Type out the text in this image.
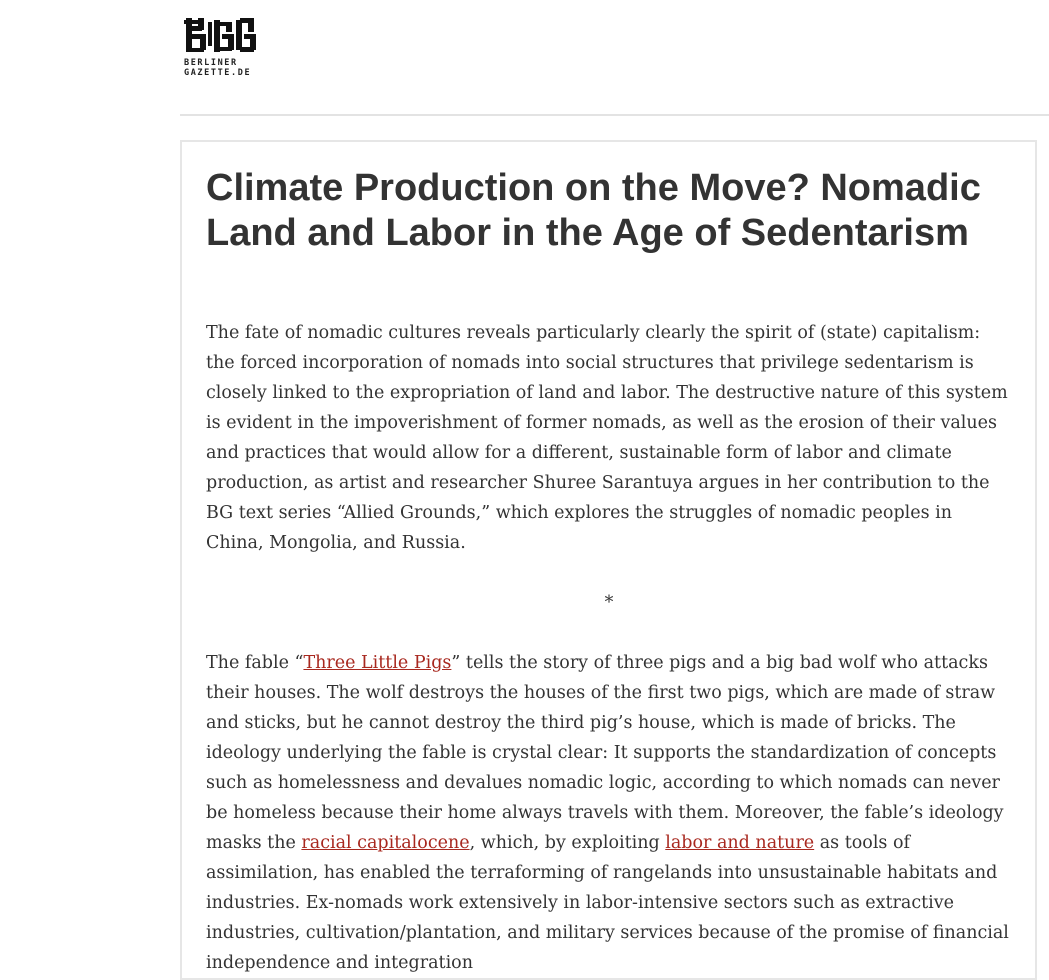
BERLINER
GAZETTE.DE
Climate Production on the Move? Nomadic Land and Labor in the Age of Sedentarism

The fate of nomadic cultures reveals particularly clearly the spirit of (state) capitalism: the forced incorporation of nomads into social structures that privilege sedentarism is closely linked to the expropriation of land and labor. The destructive nature of this system is evident in the impoverishment of former nomads, as well as the erosion of their values and practices that would allow for a different, sustainable form of labor and climate production, as artist and researcher Shuree Sarantuya argues in her contribution to the BG text series “Allied Grounds,” which explores the struggles of nomadic peoples in China, Mongolia, and Russia.

*

The fable “Three Little Pigs” tells the story of three pigs and a big bad wolf who attacks their houses. The wolf destroys the houses of the first two pigs, which are made of straw and sticks, but he cannot destroy the third pig’s house, which is made of bricks. The ideology underlying the fable is crystal clear: It supports the standardization of concepts such as homelessness and devalues nomadic logic, according to which nomads can never be homeless because their home always travels with them. Moreover, the fable’s ideology masks the racial capitalocene, which, by exploiting labor and nature as tools of assimilation, has enabled the terraforming of rangelands into unsustainable habitats and industries. Ex-nomads work extensively in labor-intensive sectors such as extractive industries, cultivation/plantation, and military services because of the promise of financial independence and integration
